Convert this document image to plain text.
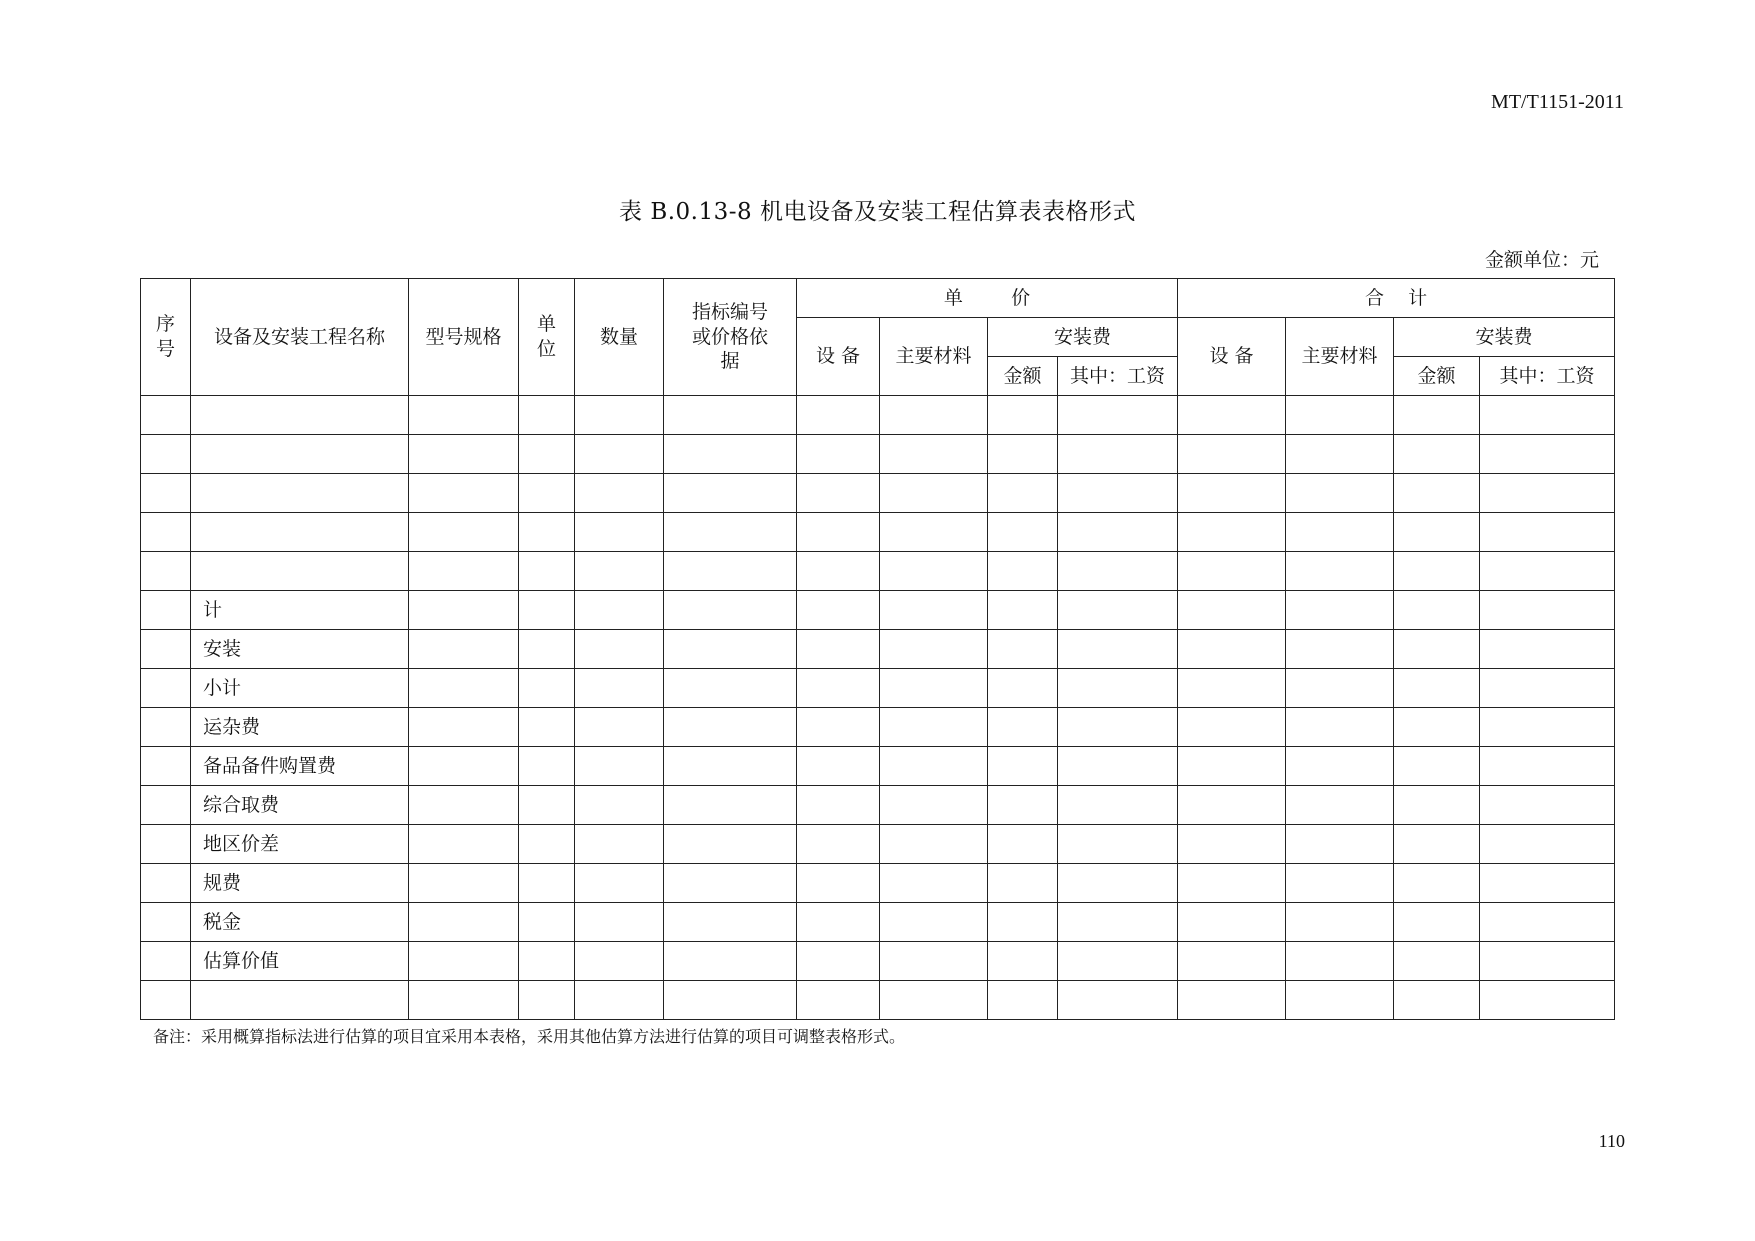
MT/T1151-2011
表 B.0.13-8 机电设备及安装工程估算表表格形式
金额单位：元
序号	设备及安装工程名称	型号规格	单位	数量	指标编号或价格依据	单        价				合    计			
						设 备	主要材料	安装费		设 备	主要材料	安装费	
								金额	其中：工资			金额	其中：工资

	计												
	安装												
	小计												
	运杂费												
	备品备件购置费												
	综合取费												
	地区价差												
	规费												
	税金												
	估算价值												

备注：采用概算指标法进行估算的项目宜采用本表格，采用其他估算方法进行估算的项目可调整表格形式。
110
